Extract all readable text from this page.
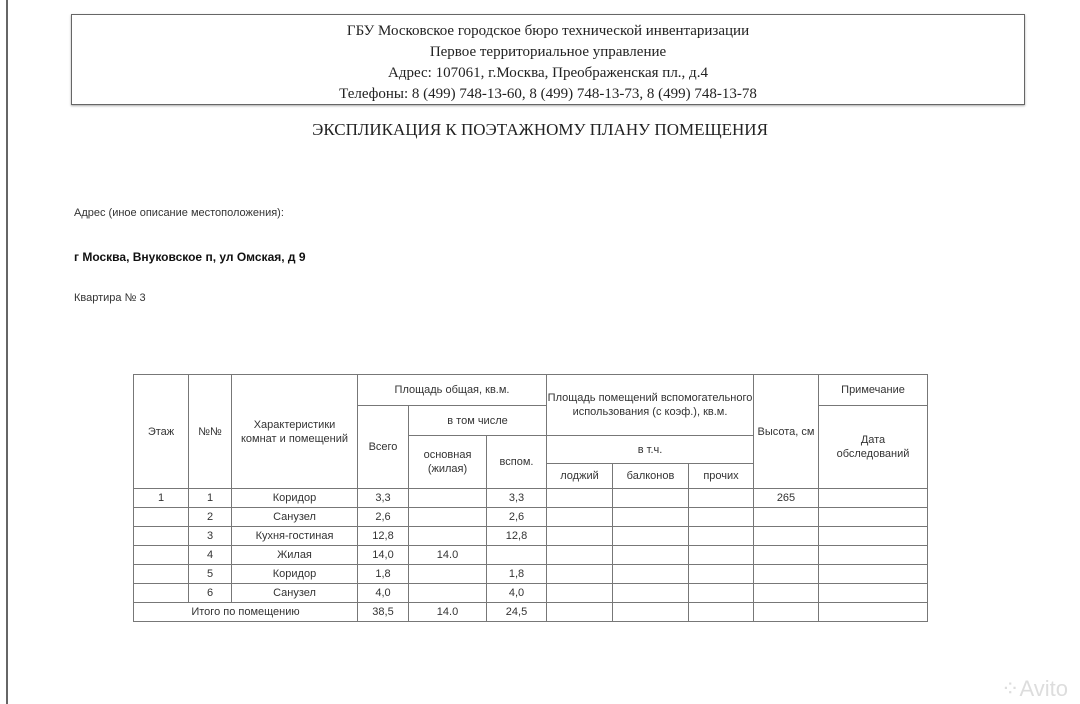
ГБУ Московское городское бюро технической инвентаризации
Первое территориальное управление
Адрес: 107061, г.Москва, Преображенская пл., д.4
Телефоны: 8 (499) 748-13-60, 8 (499) 748-13-73, 8 (499) 748-13-78
ЭКСПЛИКАЦИЯ К ПОЭТАЖНОМУ ПЛАНУ ПОМЕЩЕНИЯ
Адрес (иное описание местоположения):
г Москва, Внуковское п, ул Омская, д 9
Квартира № 3
Этаж	№№	Характеристики комнат и помещений	Площадь общая, кв.м.			Площадь помещений вспомогательного использования (с коэф.), кв.м.			Высота, см	Примечание
			Всего	в том числе						Дата обследований
				основная (жилая)	вспом.	в т.ч.				
						лоджий	балконов	прочих		
1	1	Коридор	3,3		3,3				265	
	2	Санузел	2,6		2,6					
	3	Кухня-гостиная	12,8		12,8					
	4	Жилая	14,0	14.0						
	5	Коридор	1,8		1,8					
	6	Санузел	4,0		4,0					
Итого по помещению			38,5	14.0	24,5					
⁘Avito
